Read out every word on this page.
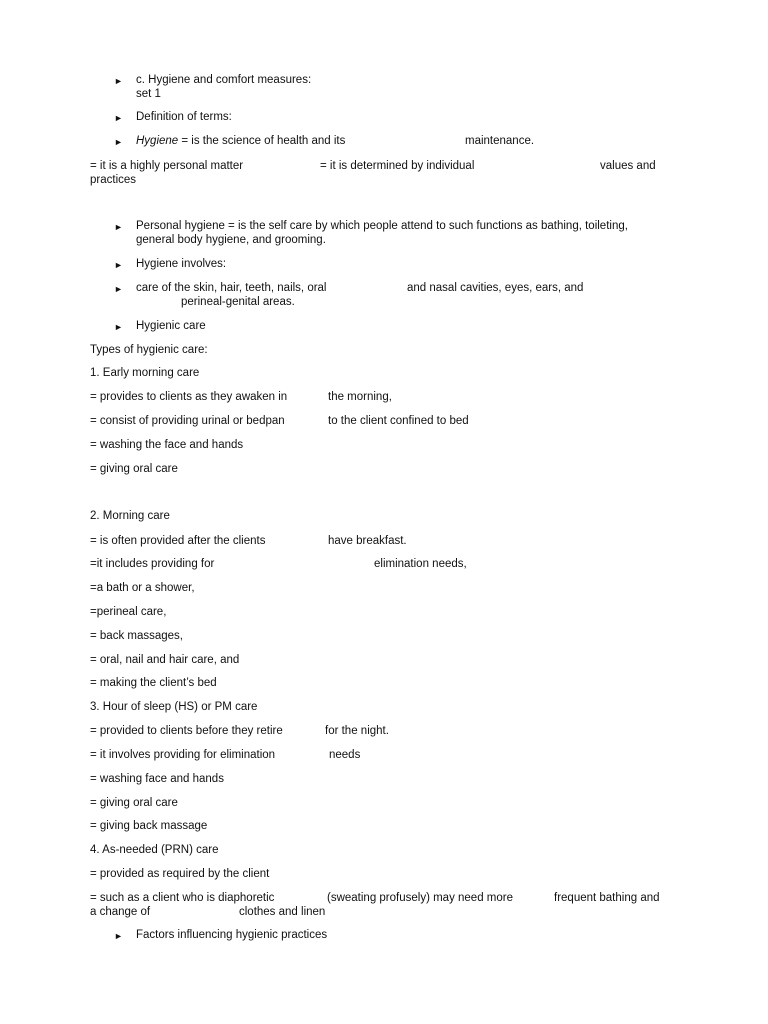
► c. Hygiene and comfort measures:
set 1
► Definition of terms:
► Hygiene = is the science of health and its	maintenance.
= it is a highly personal matter	= it is determined by individual	values and
practices
► Personal hygiene = is the self care by which people attend to such functions as bathing, toileting,
general body hygiene, and grooming.
► Hygiene involves:
► care of the skin, hair, teeth, nails, oral	and nasal cavities, eyes, ears, and
perineal-genital areas.
► Hygienic care
Types of hygienic care:
1. Early morning care
= provides to clients as they awaken in	the morning,
= consist of providing urinal or bedpan	to the client confined to bed
= washing the face and hands
= giving oral care
2. Morning care
= is often provided after the clients	have breakfast.
=it includes providing for	elimination needs,
=a bath or a shower,
=perineal care,
= back massages,
= oral, nail and hair care, and
= making the client’s bed
3. Hour of sleep (HS) or PM care
= provided to clients before they retire	for the night.
= it involves providing for elimination	needs
= washing face and hands
= giving oral care
= giving back massage
4. As-needed (PRN) care
= provided as required by the client
= such as a client who is diaphoretic	(sweating profusely) may need more	frequent bathing and
a change of	clothes and linen
► Factors influencing hygienic practices
